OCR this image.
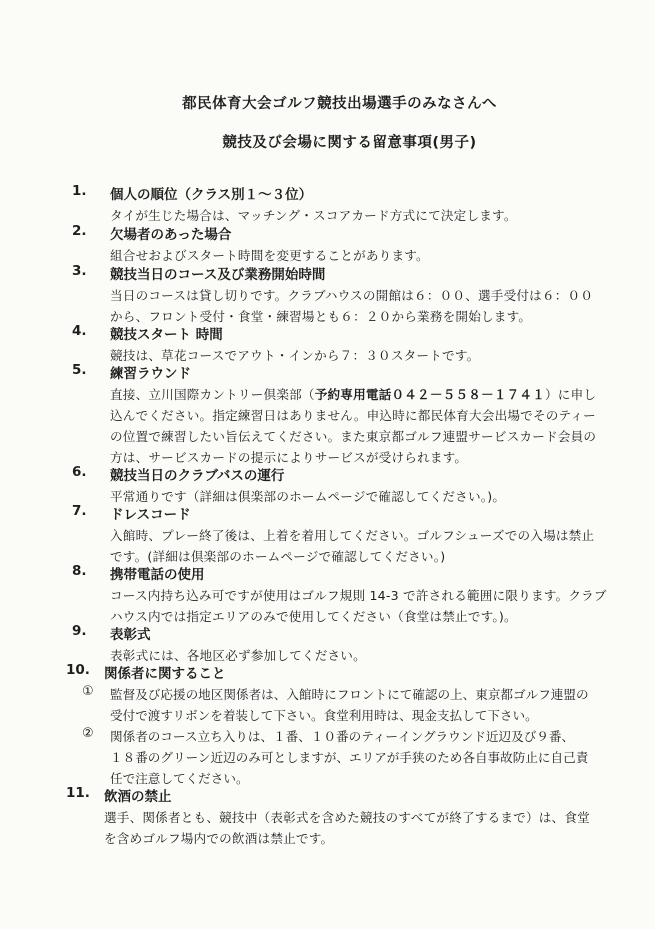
都民体育大会ゴルフ競技出場選手のみなさんへ
競技及び会場に関する留意事項(男子)
1. 個人の順位（クラス別１〜３位）
タイが生じた場合は、マッチング・スコアカード方式にて決定します。
2. 欠場者のあった場合
組合せおよびスタート時間を変更することがあります。
3. 競技当日のコース及び業務開始時間
当日のコースは貸し切りです。クラブハウスの開館は６：００、選手受付は６：００
から、フロント受付・食堂・練習場とも６：２０から業務を開始します。
4. 競技スタート 時間
競技は、草花コースでアウト・インから７：３０スタートです。
5. 練習ラウンド
直接、立川国際カントリー倶楽部（予約専用電話０４２－５５８－１７４１）に申し
込んでください。指定練習日はありません。申込時に都民体育大会出場でそのティー
の位置で練習したい旨伝えてください。また東京都ゴルフ連盟サービスカード会員の
方は、サービスカードの提示によりサービスが受けられます。
6. 競技当日のクラブバスの運行
平常通りです（詳細は倶楽部のホームページで確認してください。)。
7. ドレスコード
入館時、プレー終了後は、上着を着用してください。ゴルフシューズでの入場は禁止
です。(詳細は倶楽部のホームページで確認してください。)
8. 携帯電話の使用
コース内持ち込み可ですが使用はゴルフ規則 14-3 で許される範囲に限ります。クラブ
ハウス内では指定エリアのみで使用してください（食堂は禁止です。)。
9. 表彰式
表彰式には、各地区必ず参加してください。
10. 関係者に関すること
① 監督及び応援の地区関係者は、入館時にフロントにて確認の上、東京都ゴルフ連盟の
受付で渡すリボンを着装して下さい。食堂利用時は、現金支払して下さい。
② 関係者のコース立ち入りは、１番、１０番のティーイングラウンド近辺及び９番、
１８番のグリーン近辺のみ可としますが、エリアが手狭のため各自事故防止に自己責
任で注意してください。
11. 飲酒の禁止
選手、関係者とも、競技中（表彰式を含めた競技のすべてが終了するまで）は、食堂
を含めゴルフ場内での飲酒は禁止です。
